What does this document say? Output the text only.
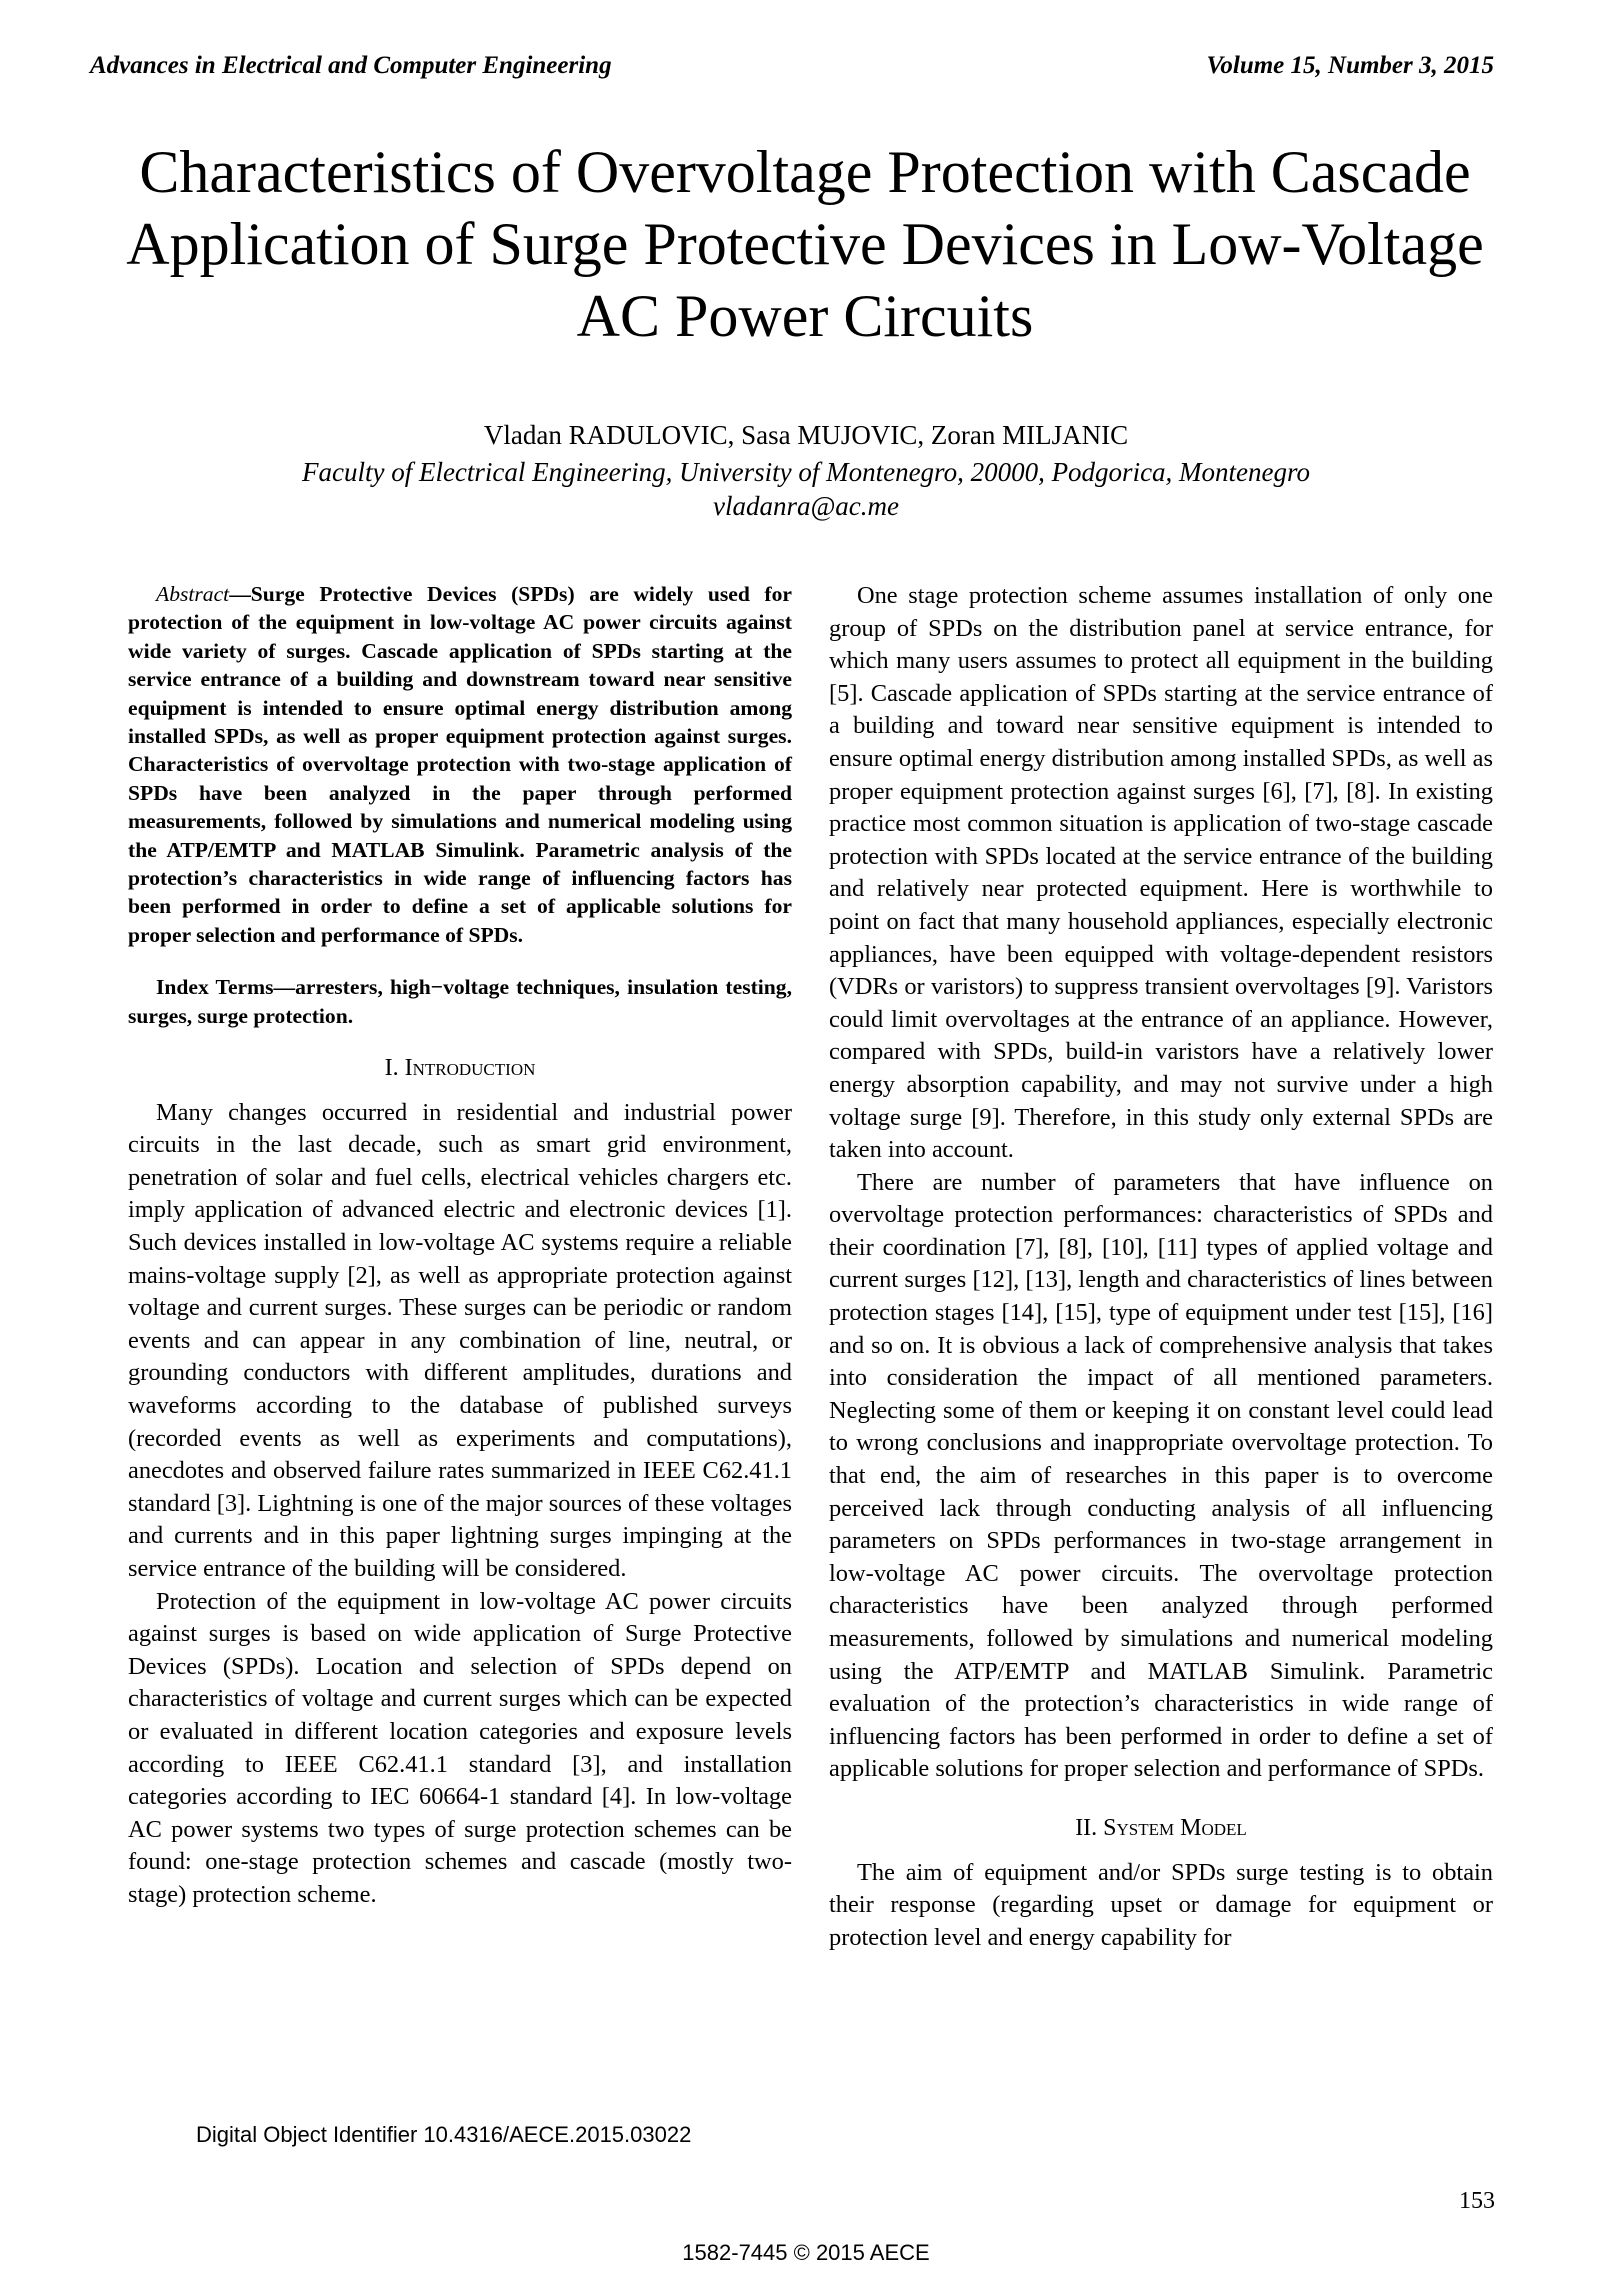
Advances in Electrical and Computer Engineering	Volume 15, Number 3, 2015
Characteristics of Overvoltage Protection with Cascade Application of Surge Protective Devices in Low-Voltage AC Power Circuits
Vladan RADULOVIC, Sasa MUJOVIC, Zoran MILJANIC
Faculty of Electrical Engineering, University of Montenegro, 20000, Podgorica, Montenegro
vladanra@ac.me

Abstract—Surge Protective Devices (SPDs) are widely used for protection of the equipment in low-voltage AC power circuits against wide variety of surges. Cascade application of SPDs starting at the service entrance of a building and downstream toward near sensitive equipment is intended to ensure optimal energy distribution among installed SPDs, as well as proper equipment protection against surges. Characteristics of overvoltage protection with two-stage application of SPDs have been analyzed in the paper through performed measurements, followed by simulations and numerical modeling using the ATP/EMTP and MATLAB Simulink. Parametric analysis of the protection’s characteristics in wide range of influencing factors has been performed in order to define a set of applicable solutions for proper selection and performance of SPDs.

Index Terms—arresters, high−voltage techniques, insulation testing, surges, surge protection.

I. Introduction

Many changes occurred in residential and industrial power circuits in the last decade, such as smart grid environment, penetration of solar and fuel cells, electrical vehicles chargers etc. imply application of advanced electric and electronic devices [1]. Such devices installed in low-voltage AC systems require a reliable mains-voltage supply [2], as well as appropriate protection against voltage and current surges. These surges can be periodic or random events and can appear in any combination of line, neutral, or grounding conductors with different amplitudes, durations and waveforms according to the database of published surveys (recorded events as well as experiments and computations), anecdotes and observed failure rates summarized in IEEE C62.41.1 standard [3]. Lightning is one of the major sources of these voltages and currents and in this paper lightning surges impinging at the service entrance of the building will be considered.

Protection of the equipment in low-voltage AC power circuits against surges is based on wide application of Surge Protective Devices (SPDs). Location and selection of SPDs depend on characteristics of voltage and current surges which can be expected or evaluated in different location categories and exposure levels according to IEEE C62.41.1 standard [3], and installation categories according to IEC 60664-1 standard [4]. In low-voltage AC power systems two types of surge protection schemes can be found: one-stage protection schemes and cascade (mostly two-stage) protection scheme.

One stage protection scheme assumes installation of only one group of SPDs on the distribution panel at service entrance, for which many users assumes to protect all equipment in the building [5]. Cascade application of SPDs starting at the service entrance of a building and toward near sensitive equipment is intended to ensure optimal energy distribution among installed SPDs, as well as proper equipment protection against surges [6], [7], [8]. In existing practice most common situation is application of two-stage cascade protection with SPDs located at the service entrance of the building and relatively near protected equipment. Here is worthwhile to point on fact that many household appliances, especially electronic appliances, have been equipped with voltage-dependent resistors (VDRs or varistors) to suppress transient overvoltages [9]. Varistors could limit overvoltages at the entrance of an appliance. However, compared with SPDs, build-in varistors have a relatively lower energy absorption capability, and may not survive under a high voltage surge [9]. Therefore, in this study only external SPDs are taken into account.

There are number of parameters that have influence on overvoltage protection performances: characteristics of SPDs and their coordination [7], [8], [10], [11] types of applied voltage and current surges [12], [13], length and characteristics of lines between protection stages [14], [15], type of equipment under test [15], [16] and so on. It is obvious a lack of comprehensive analysis that takes into consideration the impact of all mentioned parameters. Neglecting some of them or keeping it on constant level could lead to wrong conclusions and inappropriate overvoltage protection. To that end, the aim of researches in this paper is to overcome perceived lack through conducting analysis of all influencing parameters on SPDs performances in two-stage arrangement in low-voltage AC power circuits. The overvoltage protection characteristics have been analyzed through performed measurements, followed by simulations and numerical modeling using the ATP/EMTP and MATLAB Simulink. Parametric evaluation of the protection’s characteristics in wide range of influencing factors has been performed in order to define a set of applicable solutions for proper selection and performance of SPDs.

II. System Model

The aim of equipment and/or SPDs surge testing is to obtain their response (regarding upset or damage for equipment or protection level and energy capability for

Digital Object Identifier 10.4316/AECE.2015.03022
153
1582-7445 © 2015 AECE
